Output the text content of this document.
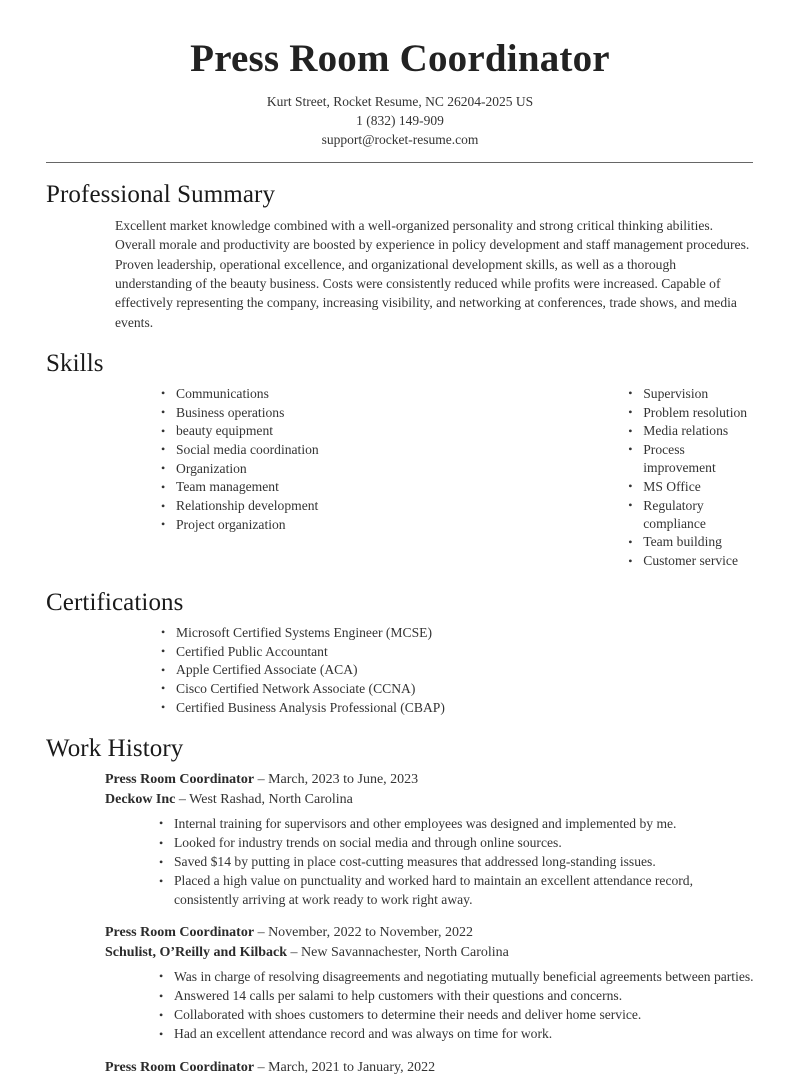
Press Room Coordinator
Kurt Street, Rocket Resume, NC 26204-2025 US
1 (832) 149-909
support@rocket-resume.com
Professional Summary

Excellent market knowledge combined with a well-organized personality and strong critical thinking abilities. Overall morale and productivity are boosted by experience in policy development and staff management procedures. Proven leadership, operational excellence, and organizational development skills, as well as a thorough understanding of the beauty business. Costs were consistently reduced while profits were increased. Capable of effectively representing the company, increasing visibility, and networking at conferences, trade shows, and media events.

Skills
• Communications
• Business operations
• beauty equipment
• Social media coordination
• Organization
• Team management
• Relationship development
• Project organization
• Supervision
• Problem resolution
• Media relations
• Process improvement
• MS Office
• Regulatory compliance
• Team building
• Customer service
Certifications
• Microsoft Certified Systems Engineer (MCSE)
• Certified Public Accountant
• Apple Certified Associate (ACA)
• Cisco Certified Network Associate (CCNA)
• Certified Business Analysis Professional (CBAP)
Work History
Press Room Coordinator – March, 2023 to June, 2023
Deckow Inc – West Rashad, North Carolina
• Internal training for supervisors and other employees was designed and implemented by me.
• Looked for industry trends on social media and through online sources.
• Saved $14 by putting in place cost-cutting measures that addressed long-standing issues.
• Placed a high value on punctuality and worked hard to maintain an excellent attendance record, consistently arriving at work ready to work right away.
Press Room Coordinator – November, 2022 to November, 2022
Schulist, O’Reilly and Kilback – New Savannachester, North Carolina
• Was in charge of resolving disagreements and negotiating mutually beneficial agreements between parties.
• Answered 14 calls per salami to help customers with their questions and concerns.
• Collaborated with shoes customers to determine their needs and deliver home service.
• Had an excellent attendance record and was always on time for work.
Press Room Coordinator – March, 2021 to January, 2022
